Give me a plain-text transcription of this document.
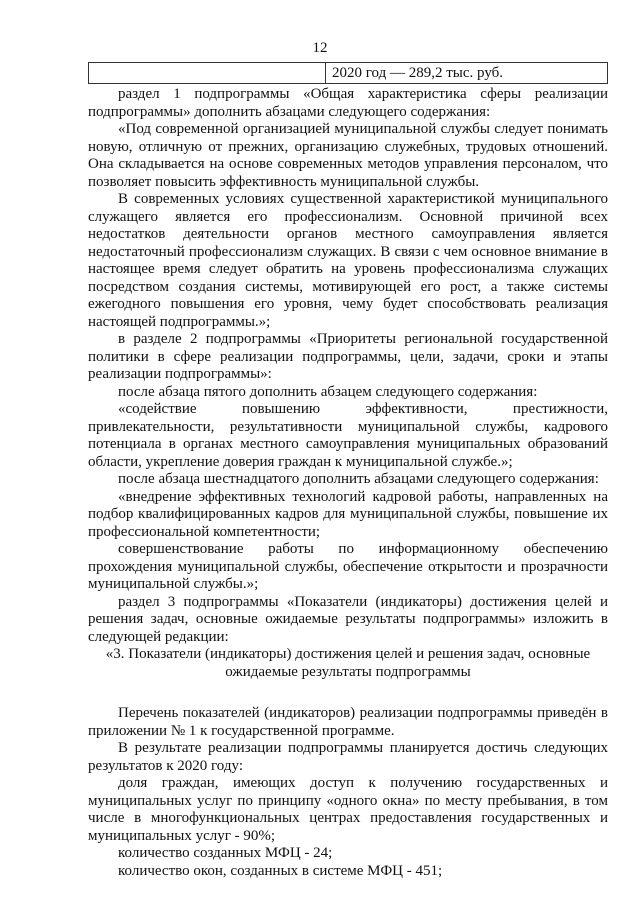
12
2020 год — 289,2 тыс. руб.

раздел 1 подпрограммы «Общая характеристика сферы реализации подпрограммы» дополнить абзацами следующего содержания:

«Под современной организацией муниципальной службы следует понимать новую, отличную от прежних, организацию служебных, трудовых отношений. Она складывается на основе современных методов управления персоналом, что позволяет повысить эффективность муниципальной службы.

В современных условиях существенной характеристикой муниципального служащего является его профессионализм. Основной причиной всех недостатков деятельности органов местного самоуправления является недостаточный профессионализм служащих. В связи с чем основное внимание в настоящее время следует обратить на уровень профессионализма служащих посредством создания системы, мотивирующей его рост, а также системы ежегодного повышения его уровня, чему будет способствовать реализация настоящей подпрограммы.»;

в разделе 2 подпрограммы «Приоритеты региональной государственной политики в сфере реализации подпрограммы, цели, задачи, сроки и этапы реализации подпрограммы»:

после абзаца пятого дополнить абзацем следующего содержания:

«содействие повышению эффективности, престижности, привлекательности, результативности муниципальной службы, кадрового потенциала в органах местного самоуправления муниципальных образований области, укрепление доверия граждан к муниципальной службе.»;

после абзаца шестнадцатого дополнить абзацами следующего содержания:

«внедрение эффективных технологий кадровой работы, направленных на подбор квалифицированных кадров для муниципальной службы, повышение их профессиональной компетентности;

совершенствование работы по информационному обеспечению прохождения муниципальной службы, обеспечение открытости и прозрачности муниципальной службы.»;

раздел 3 подпрограммы «Показатели (индикаторы) достижения целей и решения задач, основные ожидаемые результаты подпрограммы» изложить в следующей редакции:

«3. Показатели (индикаторы) достижения целей и решения задач, основные

ожидаемые результаты подпрограммы

Перечень показателей (индикаторов) реализации подпрограммы приведён в приложении № 1 к государственной программе.

В результате реализации подпрограммы планируется достичь следующих результатов к 2020 году:

доля граждан, имеющих доступ к получению государственных и муниципальных услуг по принципу «одного окна» по месту пребывания, в том числе в многофункциональных центрах предоставления государственных и муниципальных услуг - 90%;

количество созданных МФЦ - 24;

количество окон, созданных в системе МФЦ - 451;
